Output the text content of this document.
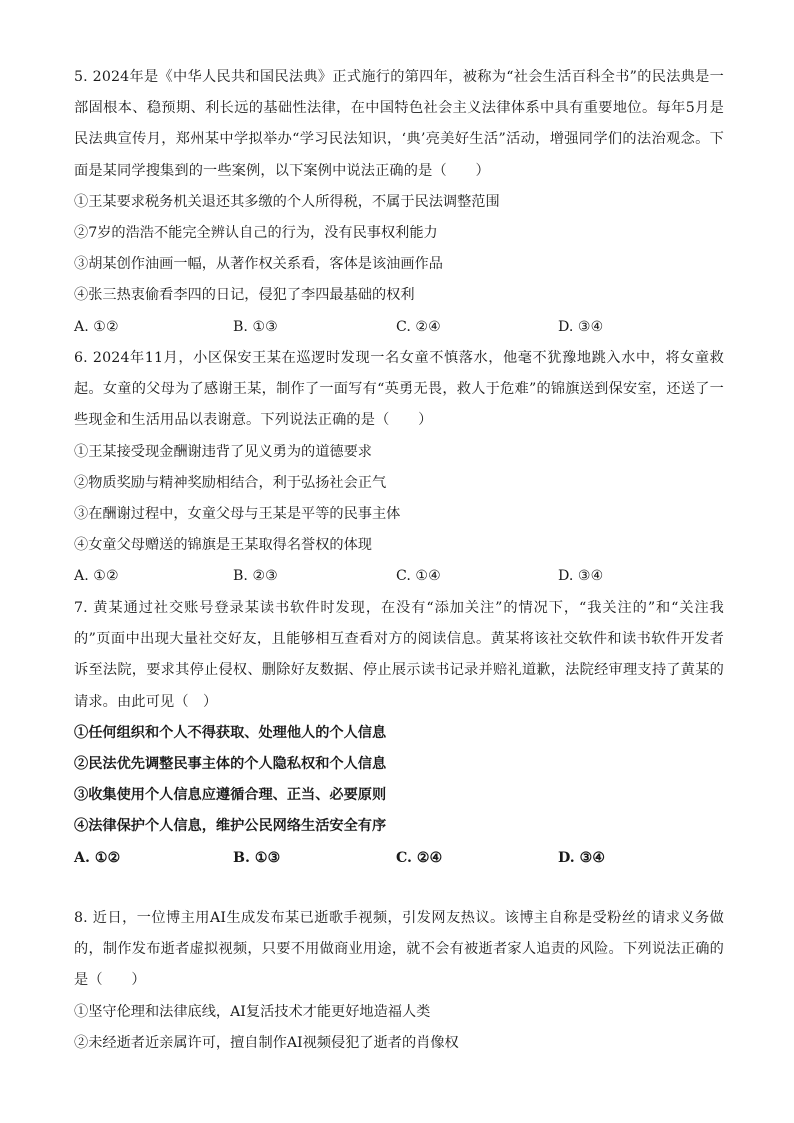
5. 2024年是《中华人民共和国民法典》正式施行的第四年，被称为“社会生活百科全书”的民法典是一部固根本、稳预期、利长远的基础性法律，在中国特色社会主义法律体系中具有重要地位。每年5月是民法典宣传月，郑州某中学拟举办“学习民法知识，‘典’亮美好生活”活动，增强同学们的法治观念。下面是某同学搜集到的一些案例，以下案例中说法正确的是（　　）

①王某要求税务机关退还其多缴的个人所得税，不属于民法调整范围

②7岁的浩浩不能完全辨认自己的行为，没有民事权利能力

③胡某创作油画一幅，从著作权关系看，客体是该油画作品

④张三热衷偷看李四的日记，侵犯了李四最基础的权利

A. ①②	B. ①③	C. ②④	D. ③④

6. 2024年11月，小区保安王某在巡逻时发现一名女童不慎落水，他毫不犹豫地跳入水中，将女童救起。女童的父母为了感谢王某，制作了一面写有“英勇无畏，救人于危难”的锦旗送到保安室，还送了一些现金和生活用品以表谢意。下列说法正确的是（　　）

①王某接受现金酬谢违背了见义勇为的道德要求

②物质奖励与精神奖励相结合，利于弘扬社会正气

③在酬谢过程中，女童父母与王某是平等的民事主体

④女童父母赠送的锦旗是王某取得名誉权的体现

A. ①②	B. ②③	C. ①④	D. ③④

7. 黄某通过社交账号登录某读书软件时发现，在没有“添加关注”的情况下，“我关注的”和“关注我的”页面中出现大量社交好友，且能够相互查看对方的阅读信息。黄某将该社交软件和读书软件开发者诉至法院，要求其停止侵权、删除好友数据、停止展示读书记录并赔礼道歉，法院经审理支持了黄某的请求。由此可见（　）

①任何组织和个人不得获取、处理他人的个人信息

②民法优先调整民事主体的个人隐私权和个人信息

③收集使用个人信息应遵循合理、正当、必要原则

④法律保护个人信息，维护公民网络生活安全有序

A. ①②	B. ①③	C. ②④	D. ③④

8. 近日，一位博主用AI生成发布某已逝歌手视频，引发网友热议。该博主自称是受粉丝的请求义务做的，制作发布逝者虚拟视频，只要不用做商业用途，就不会有被逝者家人追责的风险。下列说法正确的是（　　）

①坚守伦理和法律底线，AI复活技术才能更好地造福人类

②未经逝者近亲属许可，擅自制作AI视频侵犯了逝者的肖像权
